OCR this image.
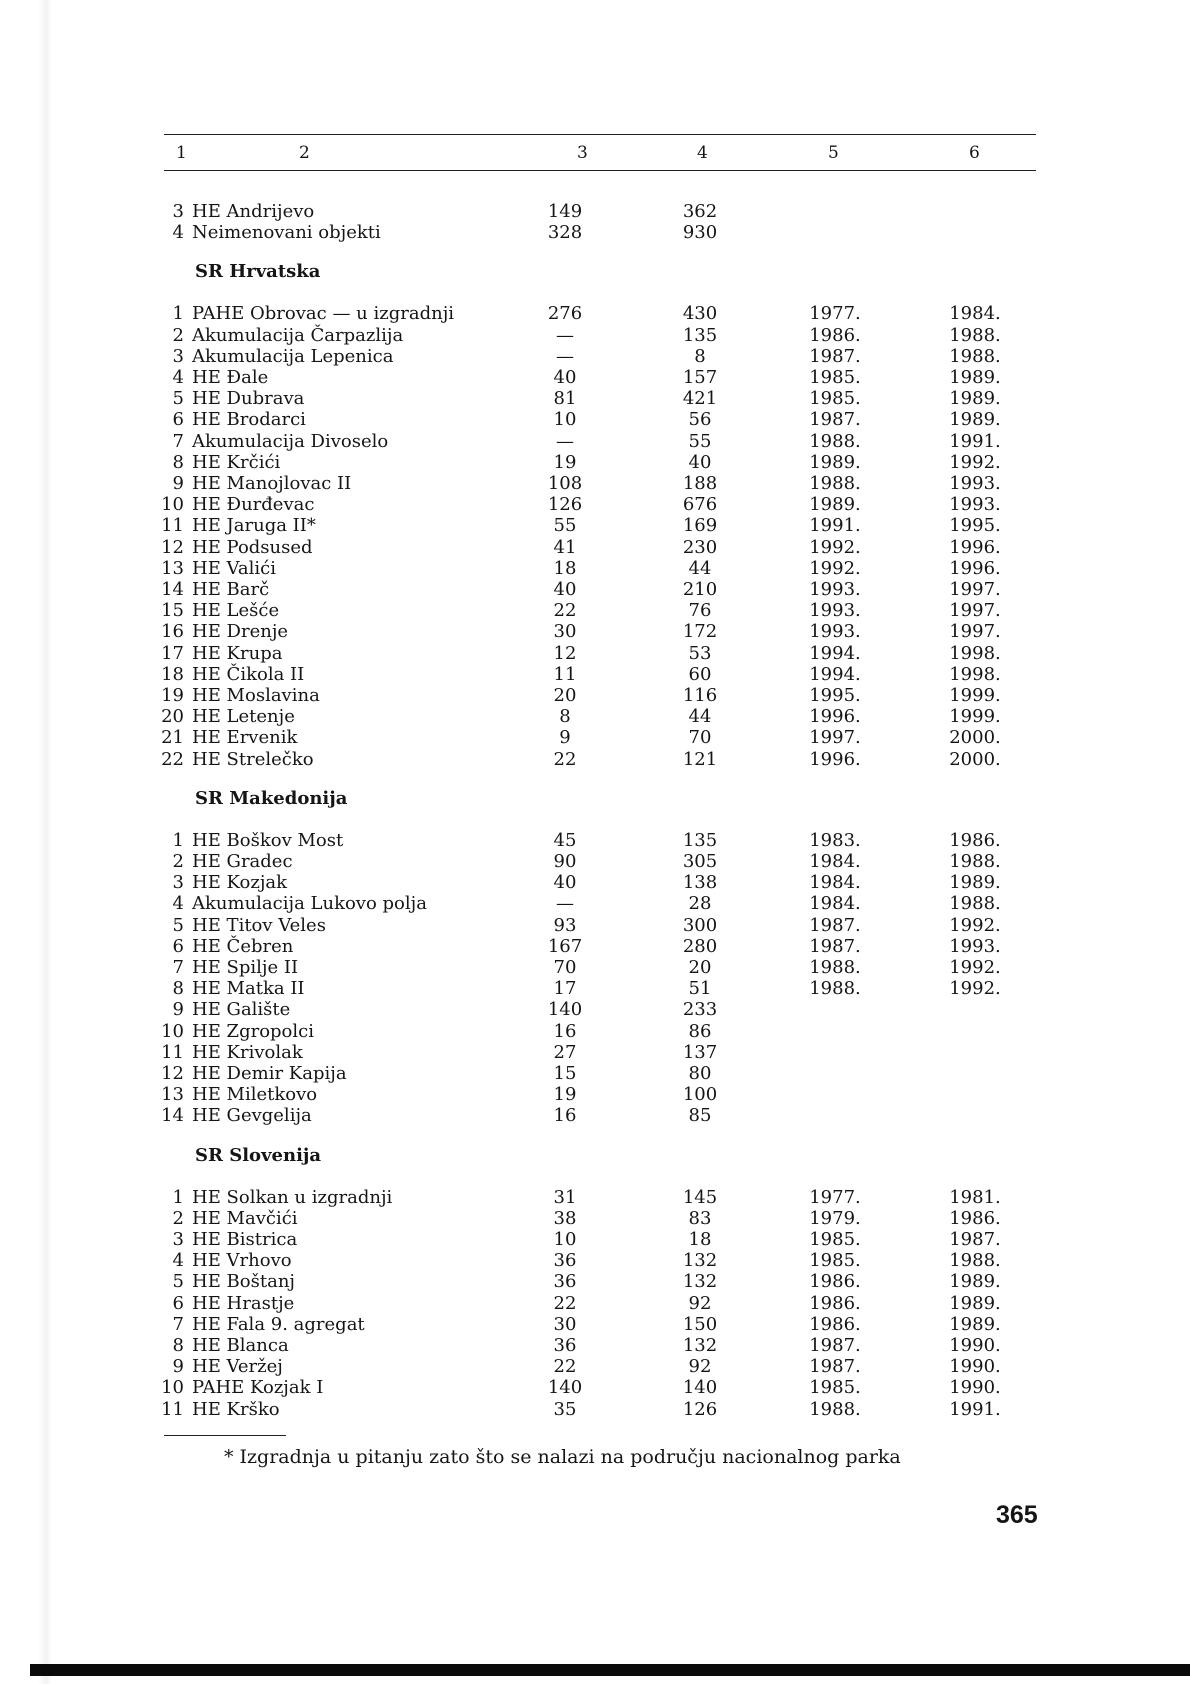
1	2	3	4	5	6
3 HE Andrijevo	149	362
4 Neimenovani objekti	328	930
SR Hrvatska
1 PAHE Obrovac — u izgradnji	276	430	1977.	1984.
2 Akumulacija Čarpazlija	—	135	1986.	1988.
3 Akumulacija Lepenica	—	8	1987.	1988.
4 HE Đale	40	157	1985.	1989.
5 HE Dubrava	81	421	1985.	1989.
6 HE Brodarci	10	56	1987.	1989.
7 Akumulacija Divoselo	—	55	1988.	1991.
8 HE Krčići	19	40	1989.	1992.
9 HE Manojlovac II	108	188	1988.	1993.
10 HE Đurđevac	126	676	1989.	1993.
11 HE Jaruga II*	55	169	1991.	1995.
12 HE Podsused	41	230	1992.	1996.
13 HE Valići	18	44	1992.	1996.
14 HE Barč	40	210	1993.	1997.
15 HE Lešće	22	76	1993.	1997.
16 HE Drenje	30	172	1993.	1997.
17 HE Krupa	12	53	1994.	1998.
18 HE Čikola II	11	60	1994.	1998.
19 HE Moslavina	20	116	1995.	1999.
20 HE Letenje	8	44	1996.	1999.
21 HE Ervenik	9	70	1997.	2000.
22 HE Strelečko	22	121	1996.	2000.
SR Makedonija
1 HE Boškov Most	45	135	1983.	1986.
2 HE Gradec	90	305	1984.	1988.
3 HE Kozjak	40	138	1984.	1989.
4 Akumulacija Lukovo polja	—	28	1984.	1988.
5 HE Titov Veles	93	300	1987.	1992.
6 HE Čebren	167	280	1987.	1993.
7 HE Spilje II	70	20	1988.	1992.
8 HE Matka II	17	51	1988.	1992.
9 HE Galište	140	233
10 HE Zgropolci	16	86
11 HE Krivolak	27	137
12 HE Demir Kapija	15	80
13 HE Miletkovo	19	100
14 HE Gevgelija	16	85
SR Slovenija
1 HE Solkan u izgradnji	31	145	1977.	1981.
2 HE Mavčići	38	83	1979.	1986.
3 HE Bistrica	10	18	1985.	1987.
4 HE Vrhovo	36	132	1985.	1988.
5 HE Boštanj	36	132	1986.	1989.
6 HE Hrastje	22	92	1986.	1989.
7 HE Fala 9. agregat	30	150	1986.	1989.
8 HE Blanca	36	132	1987.	1990.
9 HE Veržej	22	92	1987.	1990.
10 PAHE Kozjak I	140	140	1985.	1990.
11 HE Krško	35	126	1988.	1991.
* Izgradnja u pitanju zato što se nalazi na području nacionalnog parka
365
